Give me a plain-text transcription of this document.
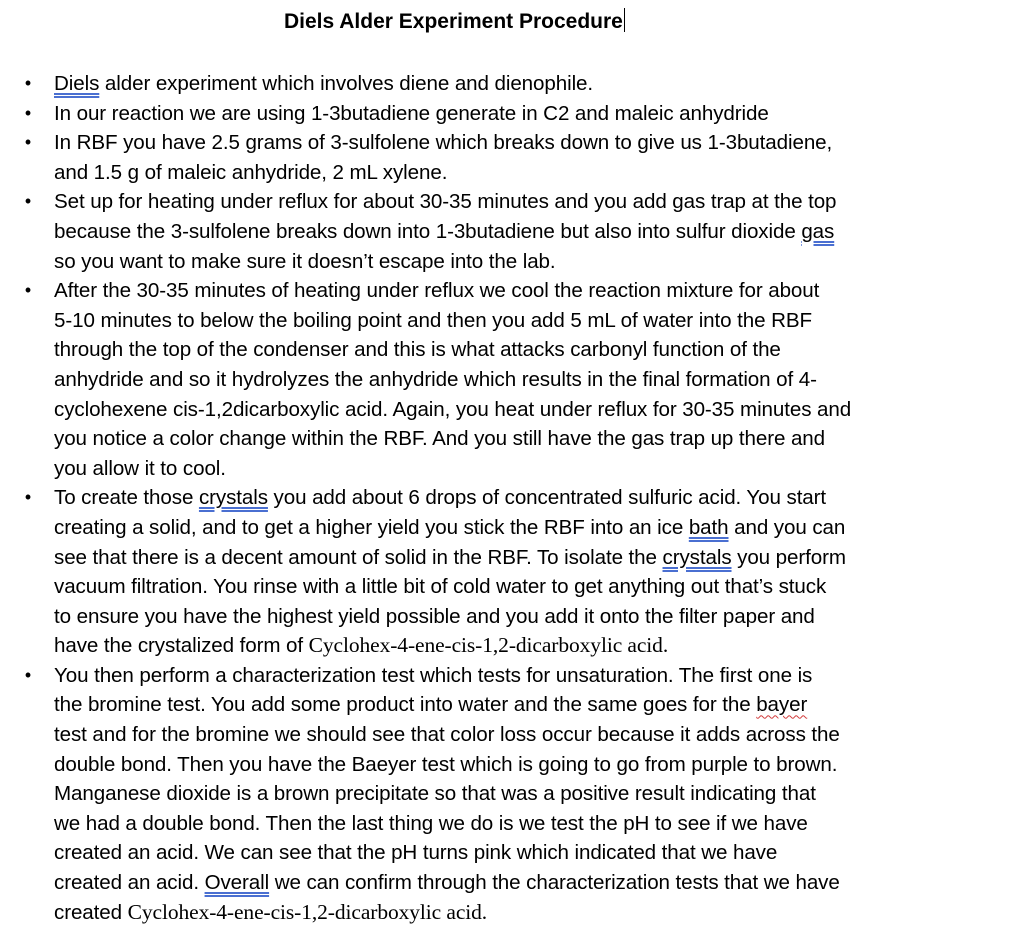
Diels Alder Experiment Procedure
• Diels alder experiment which involves diene and dienophile.
• In our reaction we are using 1-3butadiene generate in C2 and maleic anhydride
• In RBF you have 2.5 grams of 3-sulfolene which breaks down to give us 1-3butadiene,
and 1.5 g of maleic anhydride, 2 mL xylene.
• Set up for heating under reflux for about 30-35 minutes and you add gas trap at the top
because the 3-sulfolene breaks down into 1-3butadiene but also into sulfur dioxide gas
so you want to make sure it doesn’t escape into the lab.
• After the 30-35 minutes of heating under reflux we cool the reaction mixture for about
5-10 minutes to below the boiling point and then you add 5 mL of water into the RBF
through the top of the condenser and this is what attacks carbonyl function of the
anhydride and so it hydrolyzes the anhydride which results in the final formation of 4-
cyclohexene cis-1,2dicarboxylic acid. Again, you heat under reflux for 30-35 minutes and
you notice a color change within the RBF. And you still have the gas trap up there and
you allow it to cool.
• To create those crystals you add about 6 drops of concentrated sulfuric acid. You start
creating a solid, and to get a higher yield you stick the RBF into an ice bath and you can
see that there is a decent amount of solid in the RBF. To isolate the crystals you perform
vacuum filtration. You rinse with a little bit of cold water to get anything out that’s stuck
to ensure you have the highest yield possible and you add it onto the filter paper and
have the crystalized form of Cyclohex-4-ene-cis-1,2-dicarboxylic acid.
• You then perform a characterization test which tests for unsaturation. The first one is
the bromine test. You add some product into water and the same goes for the bayer
test and for the bromine we should see that color loss occur because it adds across the
double bond. Then you have the Baeyer test which is going to go from purple to brown.
Manganese dioxide is a brown precipitate so that was a positive result indicating that
we had a double bond. Then the last thing we do is we test the pH to see if we have
created an acid. We can see that the pH turns pink which indicated that we have
created an acid. Overall we can confirm through the characterization tests that we have
created Cyclohex-4-ene-cis-1,2-dicarboxylic acid.
